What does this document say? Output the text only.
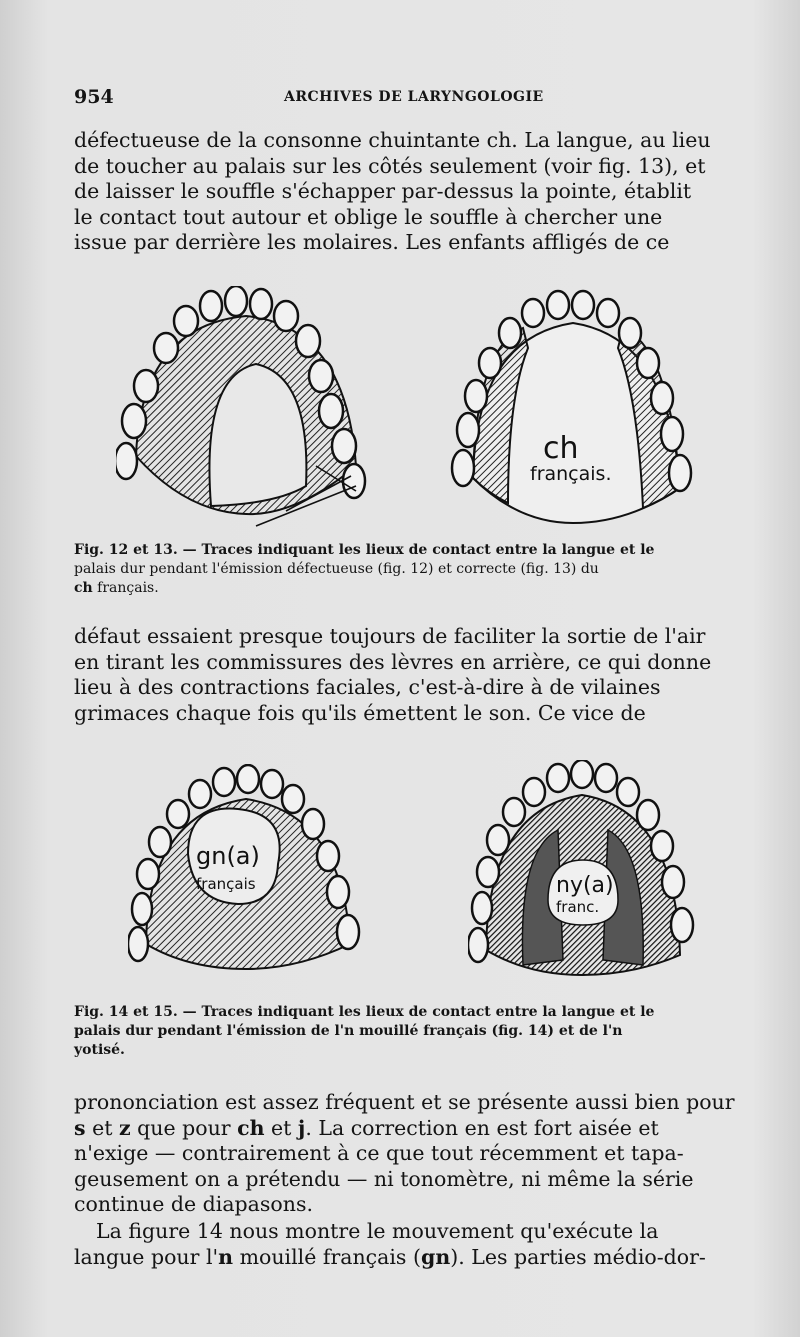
954	ARCHIVES DE LARYNGOLOGIE
défectueuse de la consonne chuintante ch. La langue, au lieu
de toucher au palais sur les côtés seulement (voir fig. 13), et
de laisser le souffle s'échapper par-dessus la pointe, établit
le contact tout autour et oblige le souffle à chercher une
issue par derrière les molaires. Les enfants affligés de ce
ch
français.
Fig. 12 et 13. — Traces indiquant les lieux de contact entre la langue et le
palais dur pendant l'émission défectueuse (fig. 12) et correcte (fig. 13) du
ch français.
défaut essaient presque toujours de faciliter la sortie de l'air
en tirant les commissures des lèvres en arrière, ce qui donne
lieu à des contractions faciales, c'est-à-dire à de vilaines
grimaces chaque fois qu'ils émettent le son. Ce vice de
gn(a)
français	ny(a)
franc.
Fig. 14 et 15. — Traces indiquant les lieux de contact entre la langue et le
palais dur pendant l'émission de l'n mouillé français (fig. 14) et de l'n
yotisé.
prononciation est assez fréquent et se présente aussi bien pour
s et z que pour ch et j. La correction en est fort aisée et
n'exige — contrairement à ce que tout récemment et tapa-
geusement on a prétendu — ni tonomètre, ni même la série
continue de diapasons.
La figure 14 nous montre le mouvement qu'exécute la
langue pour l'n mouillé français (gn). Les parties médio-dor-
